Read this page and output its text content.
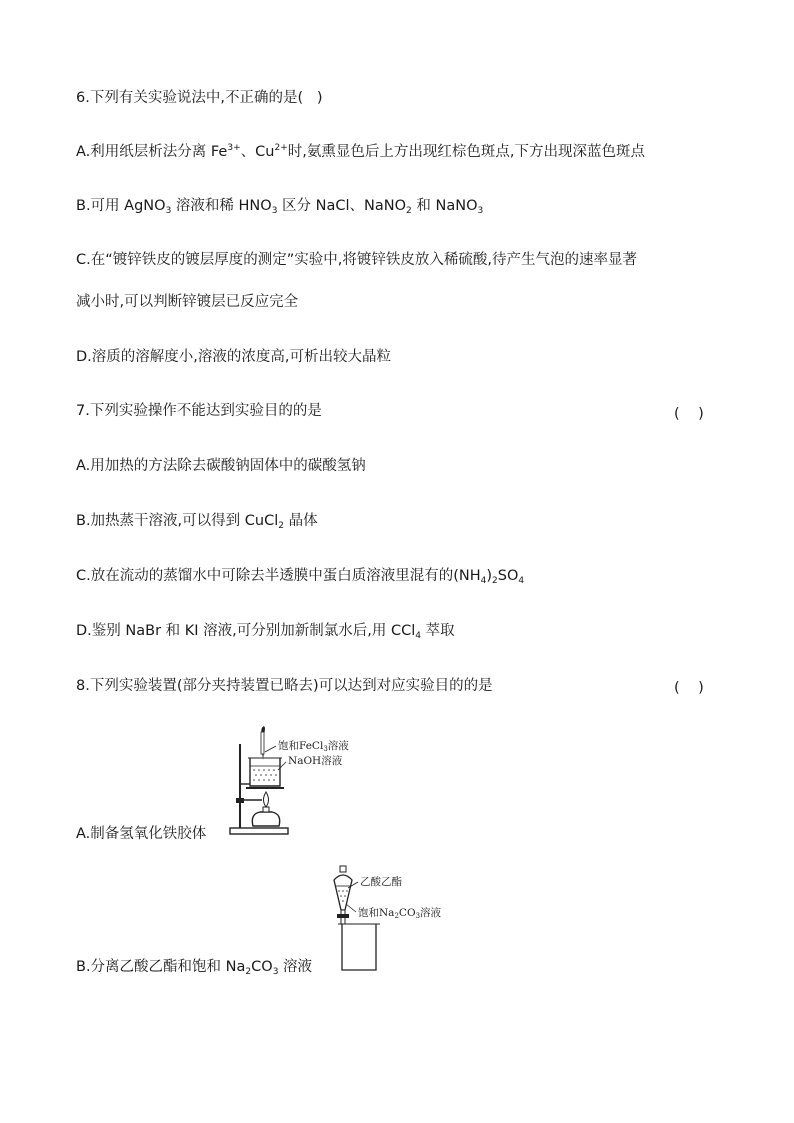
6.下列有关实验说法中,不正确的是(   )
A.利用纸层析法分离 $Fe^{3+}$、$Cu^{2+}$时,氨熏显色后上方出现红棕色斑点,下方出现深蓝色斑点
B.可用 AgNO$_3$ 溶液和稀 $HNO_3$ 区分 NaCl、NaNO$_2$ 和 NaNO$_3$
C.在“镀锌铁皮的镀层厚度的测定”实验中,将镀锌铁皮放入稀硫酸,待产生气泡的速率显著
减小时,可以判断锌镀层已反应完全
D.溶质的溶解度小,溶液的浓度高,可析出较大晶粒
7.下列实验操作不能达到实验目的的是	(    )
A.用加热的方法除去碳酸钠固体中的碳酸氢钠
B.加热蒸干溶液,可以得到 CuCl$_2$ 晶体
C.放在流动的蒸馏水中可除去半透膜中蛋白质溶液里混有的$(NH_4)_2SO_4$
D.鉴别 NaBr 和 KI 溶液,可分别加新制氯水后,用 CCl$_4$ 萃取
8.下列实验装置(部分夹持装置已略去)可以达到对应实验目的的是	(    )
饱和FeCl3溶液
NaOH溶液
A.制备氢氧化铁胶体
乙酸乙酯
饱和Na2CO3溶液
B.分离乙酸乙酯和饱和 $Na_2CO_3$ 溶液
